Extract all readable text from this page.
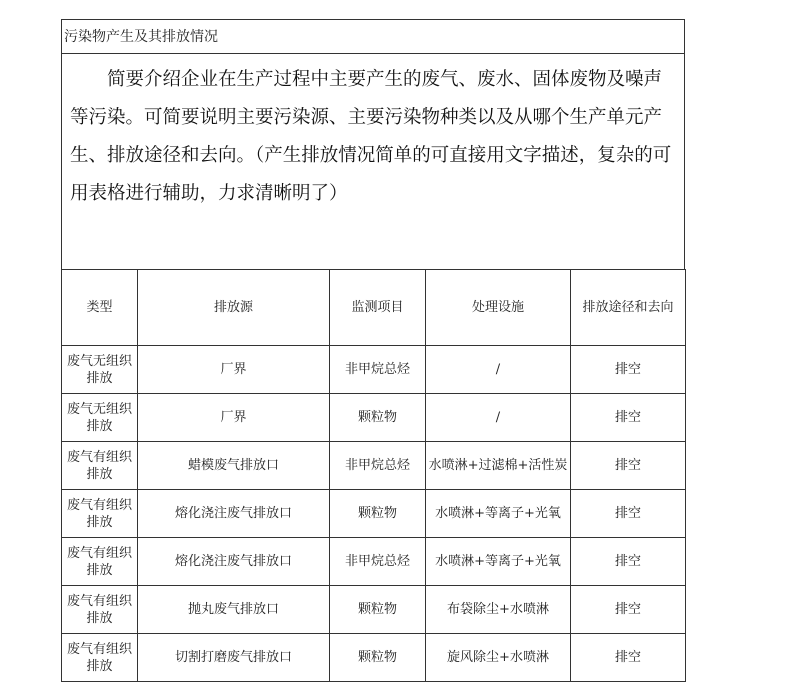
污染物产生及其排放情况
简要介绍企业在生产过程中主要产生的废气、废水、固体废物及噪声等污染。可简要说明主要污染源、主要污染物种类以及从哪个生产单元产生、排放途径和去向。（产生排放情况简单的可直接用文字描述，复杂的可用表格进行辅助，力求清晰明了）
类型	排放源	监测项目	处理设施	排放途径和去向
废气无组织排放	厂界	非甲烷总烃	/	排空
废气无组织排放	厂界	颗粒物	/	排空
废气有组织排放	蜡模废气排放口	非甲烷总烃	水喷淋+过滤棉+活性炭	排空
废气有组织排放	熔化浇注废气排放口	颗粒物	水喷淋+等离子+光氧	排空
废气有组织排放	熔化浇注废气排放口	非甲烷总烃	水喷淋+等离子+光氧	排空
废气有组织排放	抛丸废气排放口	颗粒物	布袋除尘+水喷淋	排空
废气有组织排放	切割打磨废气排放口	颗粒物	旋风除尘+水喷淋	排空
